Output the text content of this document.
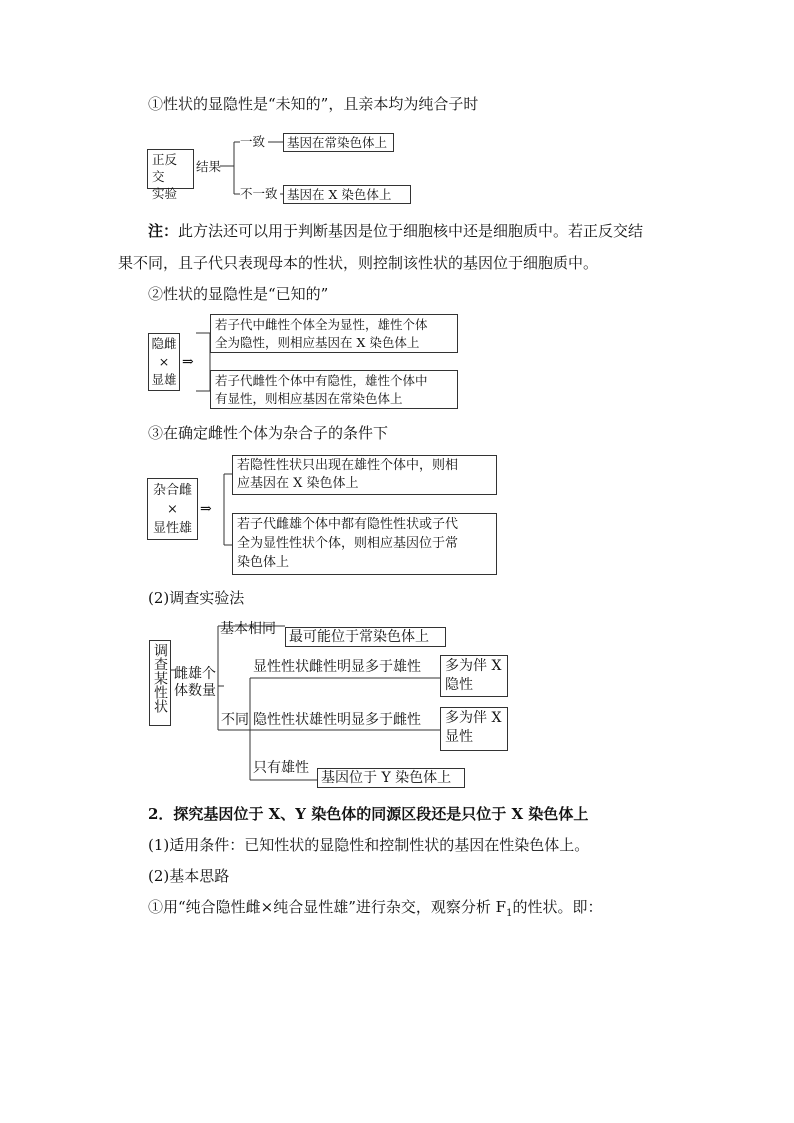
①性状的显隐性是“未知的”，且亲本均为纯合子时
正反交
实验
结果
一致	基因在常染色体上
不一致 基因在 X 染色体上
注：此方法还可以用于判断基因是位于细胞核中还是细胞质中。若正反交结
果不同，且子代只表现母本的性状，则控制该性状的基因位于细胞质中。
②性状的显隐性是“已知的”
隐雌
×
显雄
⇒
若子代中雌性个体全为显性，雄性个体
全为隐性，则相应基因在 X 染色体上
若子代雌性个体中有隐性，雄性个体中
有显性，则相应基因在常染色体上
③在确定雌性个体为杂合子的条件下
杂合雌
×
显性雄
⇒
若隐性性状只出现在雄性个体中，则相
应基因在 X 染色体上
若子代雌雄个体中都有隐性性状或子代
全为显性性状个体，则相应基因位于常
染色体上
(2)调查实验法
调查某性状 雌雄个
体数量
基本相同 最可能位于常染色体上
不同
显性性状雌性明显多于雄性	多为伴 X
隐性
隐性性状雄性明显多于雌性	多为伴 X
显性
只有雄性
基因位于 Y 染色体上
2．探究基因位于 X、Y 染色体的同源区段还是只位于 X 染色体上
(1)适用条件：已知性状的显隐性和控制性状的基因在性染色体上。
(2)基本思路
①用“纯合隐性雌×纯合显性雄”进行杂交，观察分析 $F_1$的性状。即：
